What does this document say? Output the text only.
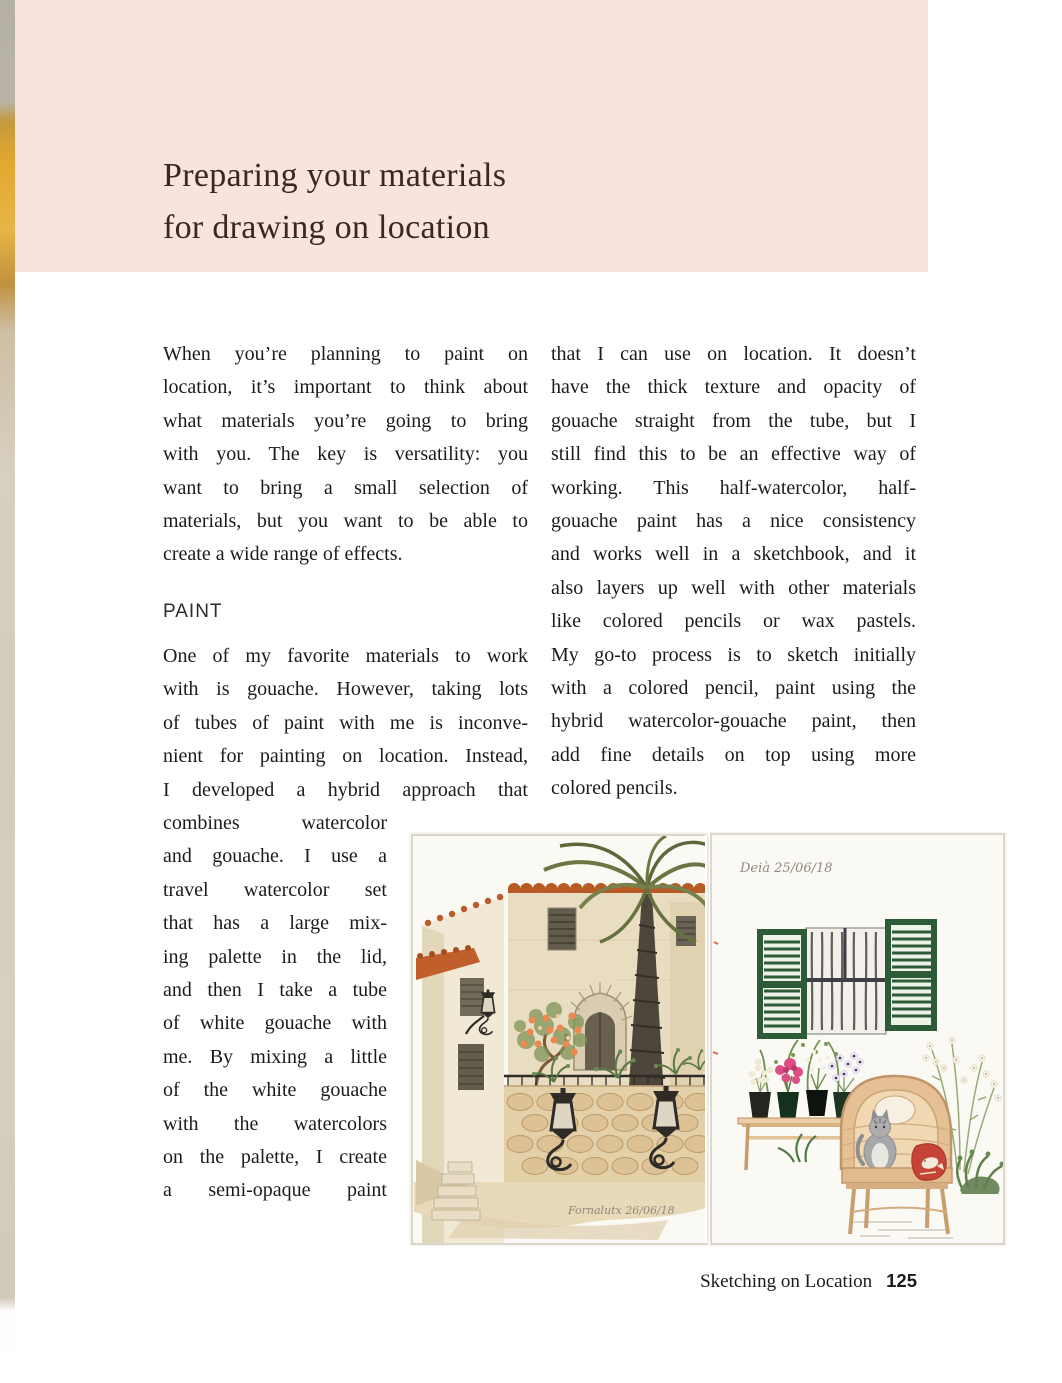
Preparing your materials
for drawing on location
When you’re planning to paint on
location, it’s important to think about
what materials you’re going to bring
with you. The key is versatility: you
want to bring a small selection of
materials, but you want to be able to
create a wide range of effects.
PAINT
One of my favorite materials to work
with is gouache. However, taking lots
of tubes of paint with me is inconve-
nient for painting on location. Instead,
I developed a hybrid approach that
combines watercolor
and gouache. I use a
travel watercolor set
that has a large mix-
ing palette in the lid,
and then I take a tube
of white gouache with
me. By mixing a little
of the white gouache
with the watercolors
on the palette, I create
a semi-opaque paint
that I can use on location. It doesn’t
have the thick texture and opacity of
gouache straight from the tube, but I
still find this to be an effective way of
working. This half-watercolor, half-
gouache paint has a nice consistency
and works well in a sketchbook, and it
also layers up well with other materials
like colored pencils or wax pastels.
My go-to process is to sketch initially
with a colored pencil, paint using the
hybrid watercolor-gouache paint, then
add fine details on top using more
colored pencils.
Fornalutx 26/06/18
Deià 25/06/18
Sketching on Location 125
